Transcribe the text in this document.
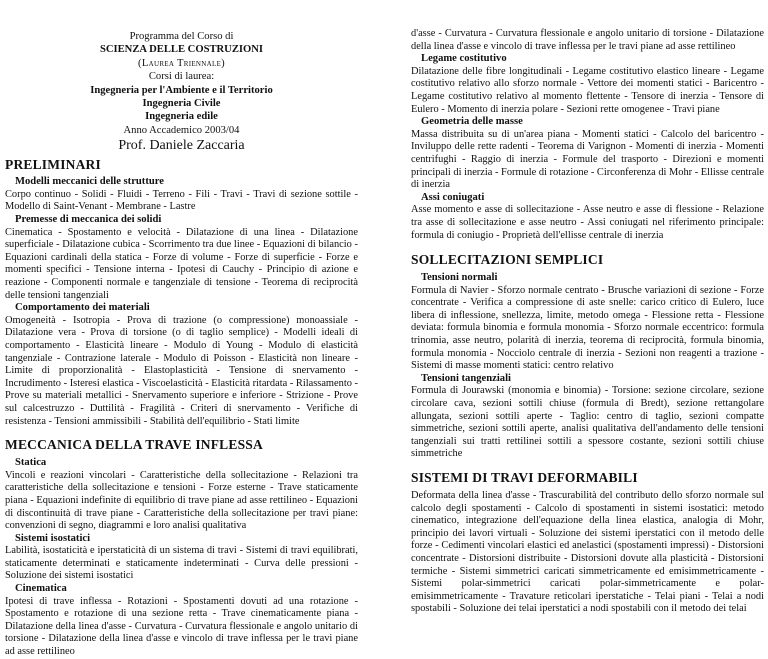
Programma del Corso di
SCIENZA DELLE COSTRUZIONI
(Laurea Triennale)
Corsi di laurea:
Ingegneria per l'Ambiente e il Territorio
Ingegneria Civile
Ingegneria edile
Anno Accademico 2003/04
Prof. Daniele Zaccaria
PRELIMINARI
Modelli meccanici delle strutture

Corpo continuo - Solidi - Fluidi - Terreno - Fili - Travi - Travi di sezione sottile - Modello di Saint-Venant - Membrane - Lastre

Premesse di meccanica dei solidi

Cinematica - Spostamento e velocità - Dilatazione di una linea - Dilatazione superficiale - Dilatazione cubica - Scorrimento tra due linee - Equazioni di bilancio - Equazioni cardinali della statica - Forze di volume - Forze di superficie - Forze e momenti specifici - Tensione interna - Ipotesi di Cauchy - Principio di azione e reazione - Componenti normale e tangenziale di tensione - Teorema di reciprocità delle tensioni tangenziali

Comportamento dei materiali

Omogeneità - Isotropia - Prova di trazione (o compressione) monoassiale - Dilatazione vera - Prova di torsione (o di taglio semplice) - Modelli ideali di comportamento - Elasticità lineare - Modulo di Young - Modulo di elasticità tangenziale - Contrazione laterale - Modulo di Poisson - Elasticità non lineare - Limite di proporzionalità - Elastoplasticità - Tensione di snervamento - Incrudimento - Isteresi elastica - Viscoelasticità - Elasticità ritardata - Rilassamento - Prove su materiali metallici - Snervamento superiore e inferiore - Strizione - Prove sul calcestruzzo - Duttilità - Fragilità - Criteri di snervamento - Verifiche di resistenza - Tensioni ammissibili - Stabilità dell'equilibrio - Stati limite

MECCANICA DELLA TRAVE INFLESSA
Statica

Vincoli e reazioni vincolari - Caratteristiche della sollecitazione - Relazioni tra caratteristiche della sollecitazione e tensioni - Forze esterne - Trave staticamente piana - Equazioni indefinite di equilibrio di trave piane ad asse rettilineo - Equazioni di discontinuità di trave piane - Caratteristiche della sollecitazione per travi piane: convenzioni di segno, diagrammi e loro analisi qualitativa

Sistemi isostatici

Labilità, isostaticità e iperstaticità di un sistema di travi - Sistemi di travi equilibrati, staticamente determinati e staticamente indeterminati - Curva delle pressioni - Soluzione dei sistemi isostatici

Cinematica

Ipotesi di trave inflessa - Rotazioni - Spostamenti dovuti ad una rotazione - Spostamento e rotazione di una sezione retta - Trave cinematicamente piana - Dilatazione della linea d'asse - Curvatura - Curvatura flessionale e angolo unitario di torsione - Dilatazione della linea d'asse e vincolo di trave inflessa per le travi piane ad asse rettilineo

d'asse - Curvatura - Curvatura flessionale e angolo unitario di torsione - Dilatazione della linea d'asse e vincolo di trave inflessa per le travi piane ad asse rettilineo

Legame costitutivo

Dilatazione delle fibre longitudinali - Legame costitutivo elastico lineare - Legame costitutivo relativo allo sforzo normale - Vettore dei momenti statici - Baricentro - Legame costitutivo relativo al momento flettente - Tensore di inerzia - Tensore di Eulero - Momento di inerzia polare - Sezioni rette omogenee - Travi piane

Geometria delle masse

Massa distribuita su di un'area piana - Momenti statici - Calcolo del baricentro - Inviluppo delle rette radenti - Teorema di Varignon - Momenti di inerzia - Momenti centrifughi - Raggio di inerzia - Formule del trasporto - Direzioni e momenti principali di inerzia - Formule di rotazione - Circonferenza di Mohr - Ellisse centrale di inerzia

Assi coniugati

Asse momento e asse di sollecitazione - Asse neutro e asse di flessione - Relazione tra asse di sollecitazione e asse neutro - Assi coniugati nel riferimento principale: formula di coniugio - Proprietà dell'ellisse centrale di inerzia

SOLLECITAZIONI SEMPLICI
Tensioni normali

Formula di Navier - Sforzo normale centrato - Brusche variazioni di sezione - Forze concentrate - Verifica a compressione di aste snelle: carico critico di Eulero, luce libera di inflessione, snellezza, limite, metodo omega - Flessione retta - Flessione deviata: formula binomia e formula monomia - Sforzo normale eccentrico: formula trinomia, asse neutro, polarità di inerzia, teorema di reciprocità, formula binomia, formula monomia - Nocciolo centrale di inerzia - Sezioni non reagenti a trazione - Sistemi di masse momenti statici: centro relativo

Tensioni tangenziali

Formula di Jourawski (monomia e binomia) - Torsione: sezione circolare, sezione circolare cava, sezioni sottili chiuse (formula di Bredt), sezione rettangolare allungata, sezioni sottili aperte - Taglio: centro di taglio, sezioni compatte simmetriche, sezioni sottili aperte, analisi qualitativa dell'andamento delle tensioni tangenziali sui tratti rettilinei sottili a spessore costante, sezioni sottili chiuse simmetriche

SISTEMI DI TRAVI DEFORMABILI

Deformata della linea d'asse - Trascurabilità del contributo dello sforzo normale sul calcolo degli spostamenti - Calcolo di spostamenti in sistemi isostatici: metodo cinematico, integrazione dell'equazione della linea elastica, analogia di Mohr, principio dei lavori virtuali - Soluzione dei sistemi iperstatici con il metodo delle forze - Cedimenti vincolari elastici ed anelastici (spostamenti impressi) - Distorsioni concentrate - Distorsioni distribuite - Distorsioni dovute alla plasticità - Distorsioni termiche - Sistemi simmetrici caricati simmetricamente ed emisimmetricamente - Sistemi polar-simmetrici caricati polar-simmetricamente e polar-emisimmetricamente - Travature reticolari iperstatiche - Telai piani - Telai a nodi spostabili - Soluzione dei telai iperstatici a nodi spostabili con il metodo dei telai
